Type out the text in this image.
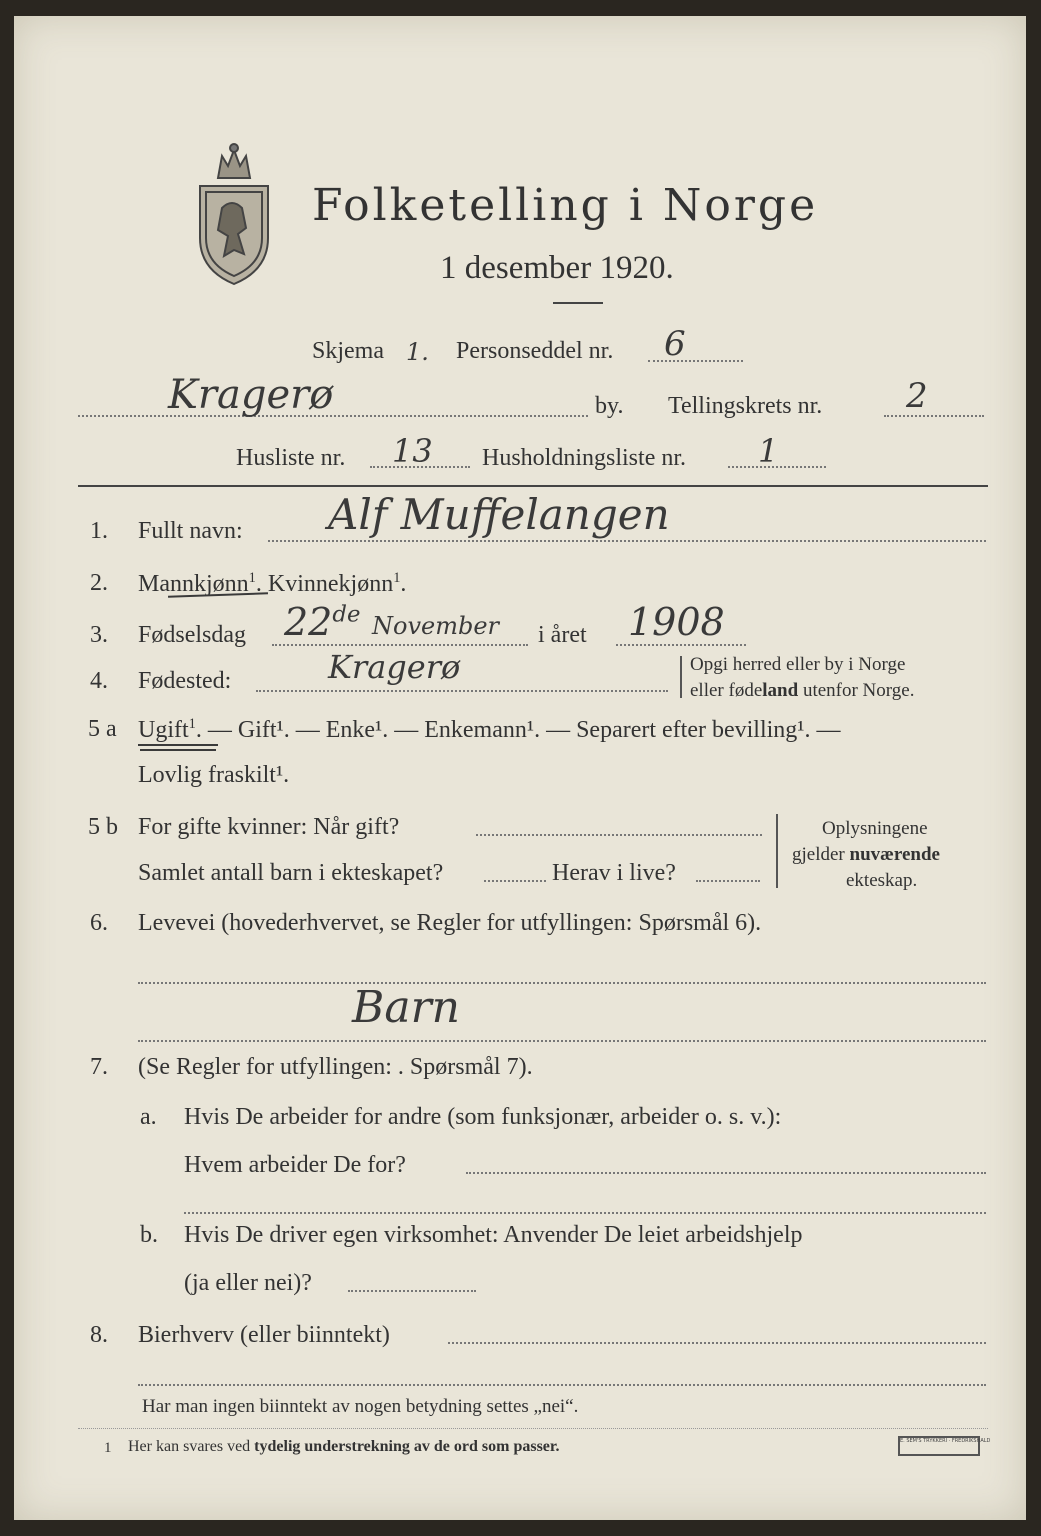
Folketelling i Norge
1 desember 1920.
Skjema 1. Personseddel nr. 6
Kragerø	by. Tellingskrets nr. 2
Husliste nr. 13 Husholdningsliste nr. 1
1. Fullt navn: Alf Muffelangen
2. Mannkjønn$^1$. Kvinnekjønn$^1$.
3. Fødselsdag 22de November i året 1908
4. Fødested:	Kragerø	Opgi herred eller by i Norge
eller fødeland utenfor Norge.
5 a Ugift$^1$. — Gift¹. — Enke¹. — Enkemann¹. — Separert efter bevilling¹. —
Lovlig fraskilt¹.
5 b For gifte kvinner: Når gift?
Samlet antall barn i ekteskapet?	Herav i live?
Oplysningene
gjelder nuværende
ekteskap.
6. Levevei (hovederhvervet, se Regler for utfyllingen: Spørsmål 6).
Barn
7. (Se Regler for utfyllingen: . Spørsmål 7).
a. Hvis De arbeider for andre (som funksjonær, arbeider o. s. v.):
Hvem arbeider De for?
b. Hvis De driver egen virksomhet: Anvender De leiet arbeidshjelp
(ja eller nei)?
8. Bierhverv (eller biinntekt)
Har man ingen biinntekt av nogen betydning settes „nei“.
1 Her kan svares ved tydelig understrekning av de ord som passer.	E. SEM'S TRYKKERI · FREDRIKSHALD
